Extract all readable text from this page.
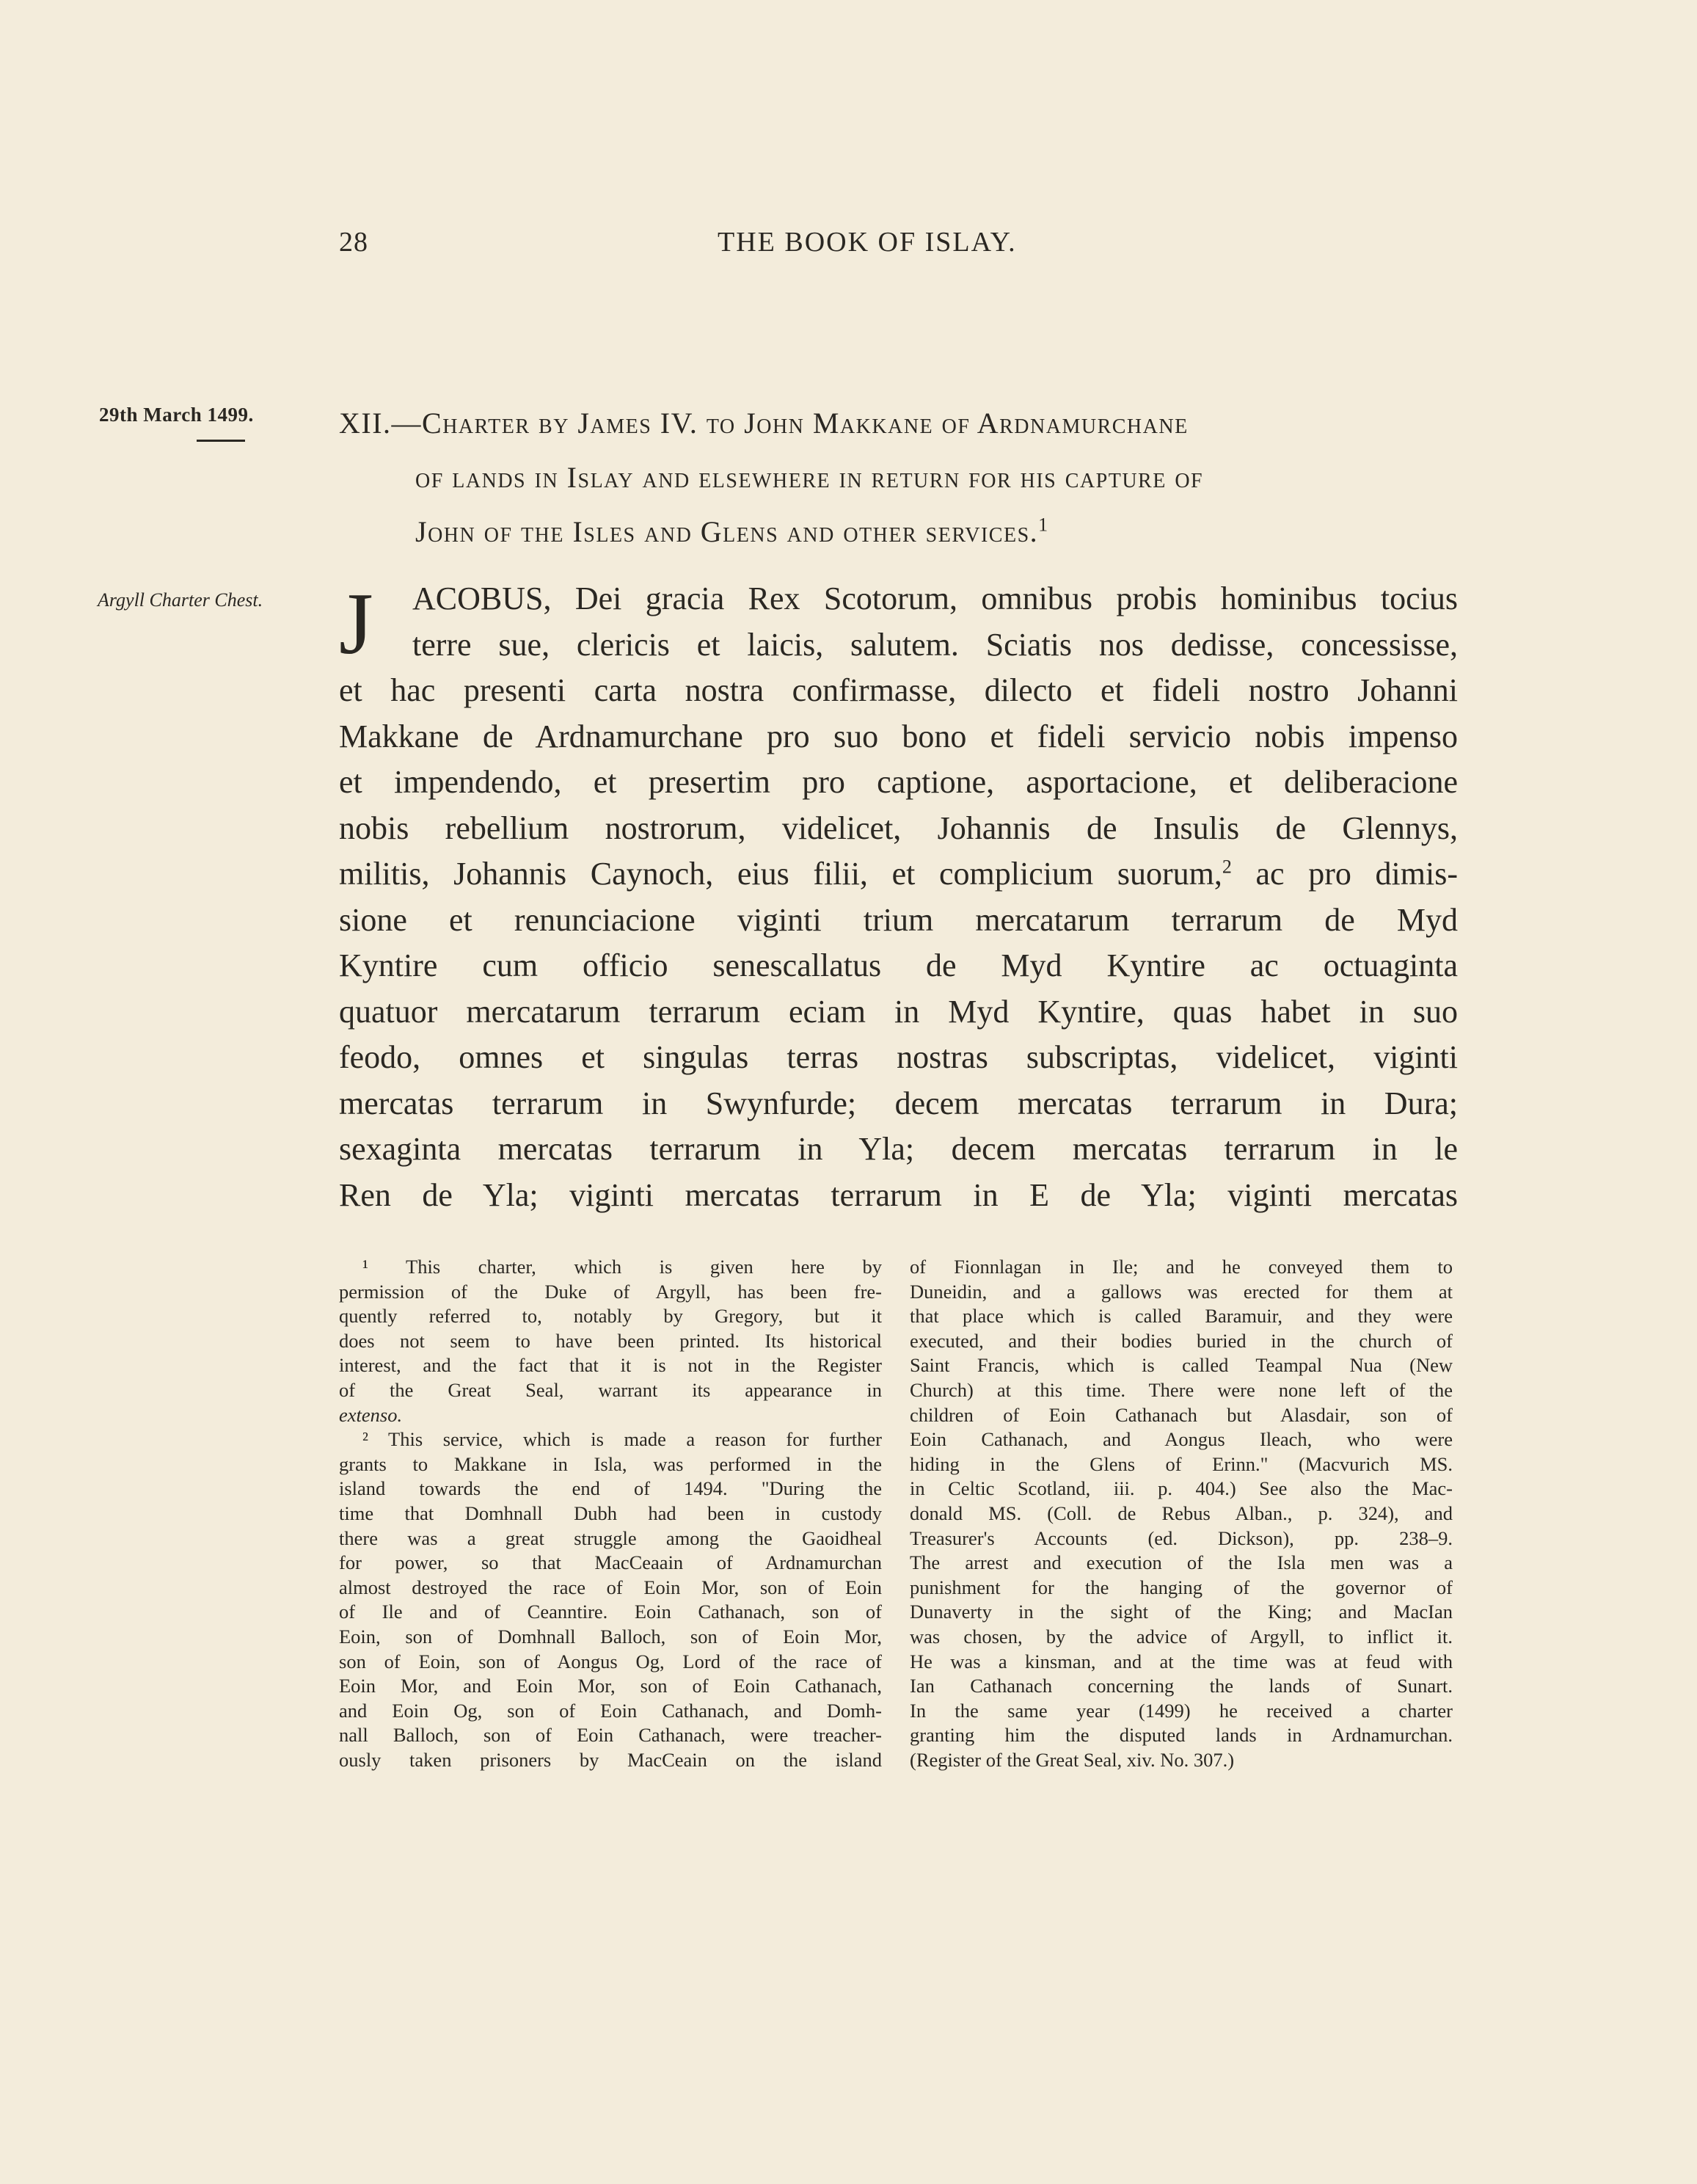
28	THE BOOK OF ISLAY.
29th March 1499.
Argyll Charter Chest.
XII.—Charter by James IV. to John Makkane of Ardnamurchane
of lands in Islay and elsewhere in return for his capture of
John of the Isles and Glens and other services.$^1$
J	ACOBUS, Dei gracia Rex Scotorum, omnibus probis hominibus tocius
terre sue, clericis et laicis, salutem. Sciatis nos dedisse, concessisse,
et hac presenti carta nostra confirmasse, dilecto et fideli nostro Johanni
Makkane de Ardnamurchane pro suo bono et fideli servicio nobis impenso
et impendendo, et presertim pro captione, asportacione, et deliberacione
nobis rebellium nostrorum, videlicet, Johannis de Insulis de Glennys,
militis, Johannis Caynoch, eius filii, et complicium suorum,$^2$ ac pro dimis-
sione et renunciacione viginti trium mercatarum terrarum de Myd
Kyntire cum officio senescallatus de Myd Kyntire ac octuaginta
quatuor mercatarum terrarum eciam in Myd Kyntire, quas habet in suo
feodo, omnes et singulas terras nostras subscriptas, videlicet, viginti
mercatas terrarum in Swynfurde; decem mercatas terrarum in Dura;
sexaginta mercatas terrarum in Yla; decem mercatas terrarum in le
Ren de Yla; viginti mercatas terrarum in E de Yla; viginti mercatas
¹ This charter, which is given here by
permission of the Duke of Argyll, has been fre-
quently referred to, notably by Gregory, but it
does not seem to have been printed. Its historical
interest, and the fact that it is not in the Register
of the Great Seal, warrant its appearance in
extenso.
² This service, which is made a reason for further
grants to Makkane in Isla, was performed in the
island towards the end of 1494. "During the
time that Domhnall Dubh had been in custody
there was a great struggle among the Gaoidheal
for power, so that MacCeaain of Ardnamurchan
almost destroyed the race of Eoin Mor, son of Eoin
of Ile and of Ceanntire. Eoin Cathanach, son of
Eoin, son of Domhnall Balloch, son of Eoin Mor,
son of Eoin, son of Aongus Og, Lord of the race of
Eoin Mor, and Eoin Mor, son of Eoin Cathanach,
and Eoin Og, son of Eoin Cathanach, and Domh-
nall Balloch, son of Eoin Cathanach, were treacher-
ously taken prisoners by MacCeain on the island
of Fionnlagan in Ile; and he conveyed them to
Duneidin, and a gallows was erected for them at
that place which is called Baramuir, and they were
executed, and their bodies buried in the church of
Saint Francis, which is called Teampal Nua (New
Church) at this time. There were none left of the
children of Eoin Cathanach but Alasdair, son of
Eoin Cathanach, and Aongus Ileach, who were
hiding in the Glens of Erinn." (Macvurich MS.
in Celtic Scotland, iii. p. 404.) See also the Mac-
donald MS. (Coll. de Rebus Alban., p. 324), and
Treasurer's Accounts (ed. Dickson), pp. 238–9.
The arrest and execution of the Isla men was a
punishment for the hanging of the governor of
Dunaverty in the sight of the King; and MacIan
was chosen, by the advice of Argyll, to inflict it.
He was a kinsman, and at the time was at feud with
Ian Cathanach concerning the lands of Sunart.
In the same year (1499) he received a charter
granting him the disputed lands in Ardnamurchan.
(Register of the Great Seal, xiv. No. 307.)
